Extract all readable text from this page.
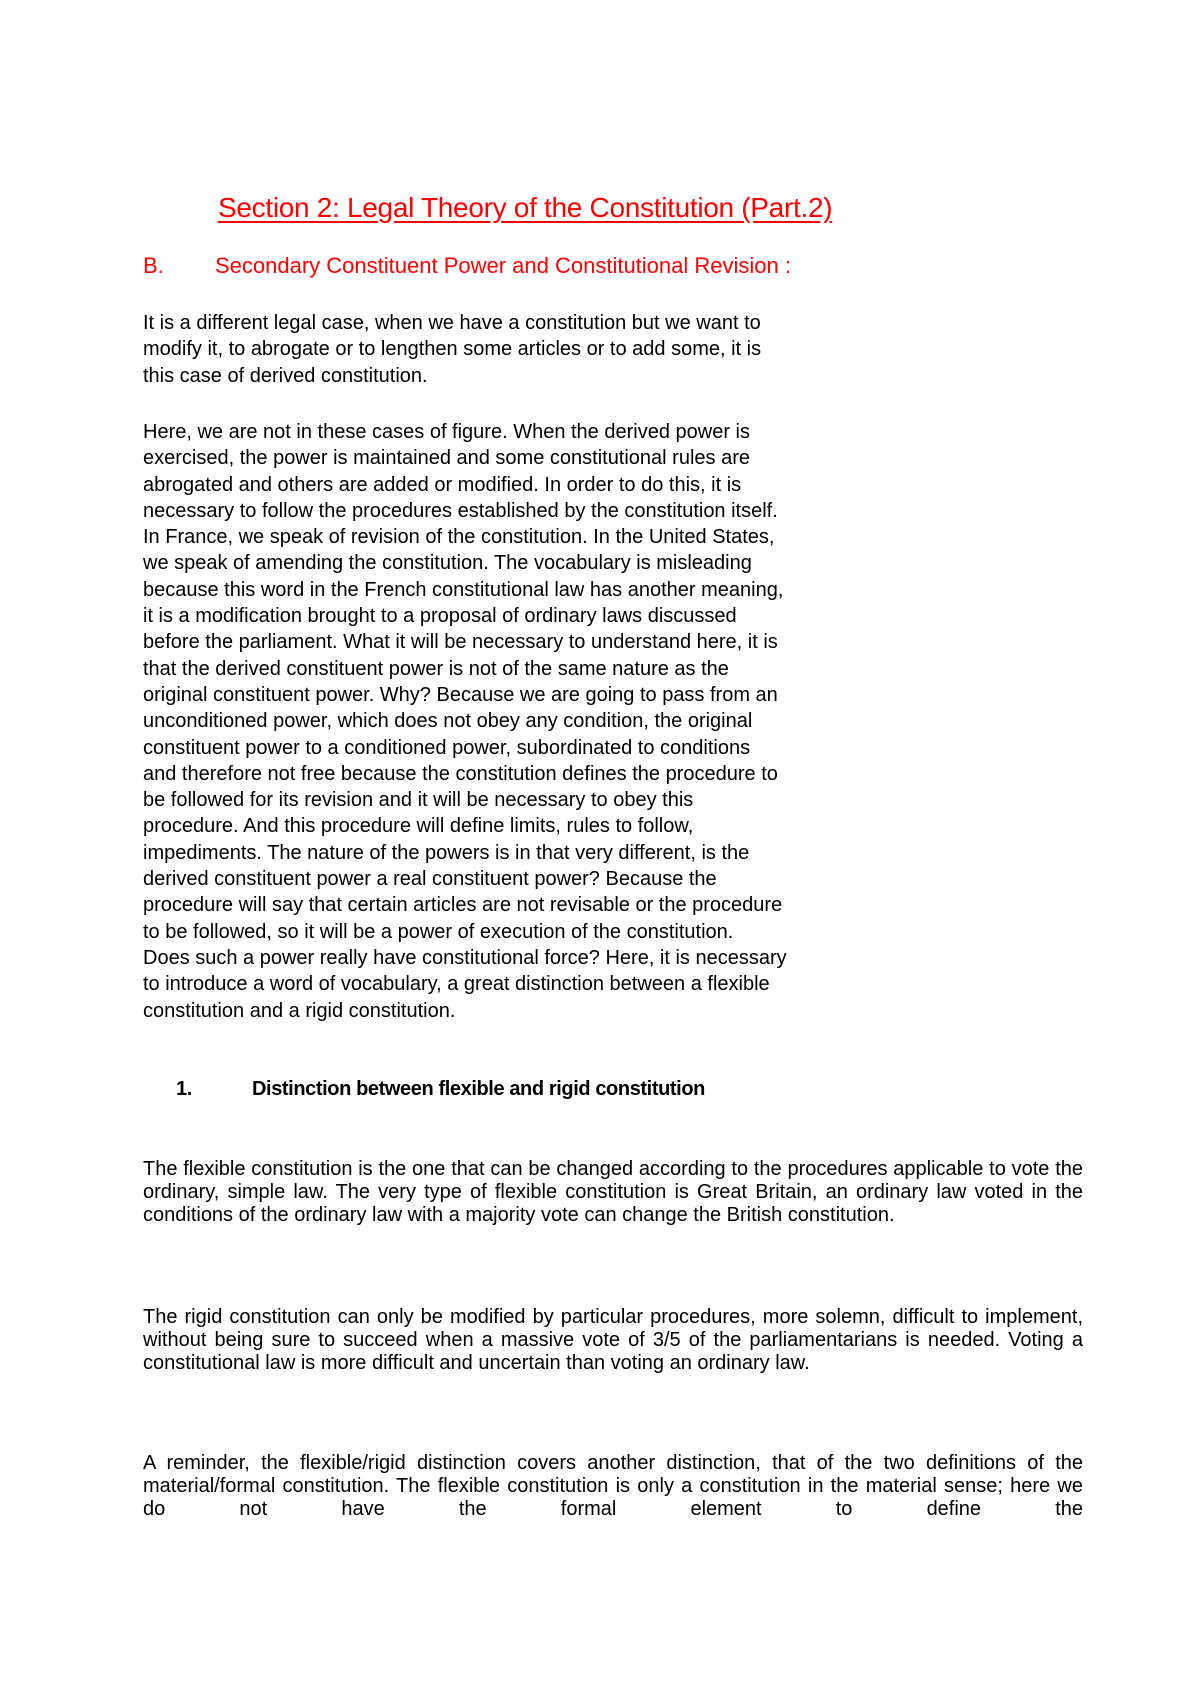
Section 2: Legal Theory of the Constitution (Part.2)
B. Secondary Constituent Power and Constitutional Revision :

It is a different legal case, when we have a constitution but we want to
modify it, to abrogate or to lengthen some articles or to add some, it is
this case of derived constitution.

Here, we are not in these cases of figure. When the derived power is
exercised, the power is maintained and some constitutional rules are
abrogated and others are added or modified. In order to do this, it is
necessary to follow the procedures established by the constitution itself.
In France, we speak of revision of the constitution. In the United States,
we speak of amending the constitution. The vocabulary is misleading
because this word in the French constitutional law has another meaning,
it is a modification brought to a proposal of ordinary laws discussed
before the parliament. What it will be necessary to understand here, it is
that the derived constituent power is not of the same nature as the
original constituent power. Why? Because we are going to pass from an
unconditioned power, which does not obey any condition, the original
constituent power to a conditioned power, subordinated to conditions
and therefore not free because the constitution defines the procedure to
be followed for its revision and it will be necessary to obey this
procedure. And this procedure will define limits, rules to follow,
impediments. The nature of the powers is in that very different, is the
derived constituent power a real constituent power? Because the
procedure will say that certain articles are not revisable or the procedure
to be followed, so it will be a power of execution of the constitution.
Does such a power really have constitutional force? Here, it is necessary
to introduce a word of vocabulary, a great distinction between a flexible
constitution and a rigid constitution.

1.	Distinction between flexible and rigid constitution

The flexible constitution is the one that can be changed according to the procedures applicable to vote the ordinary, simple law. The very type of flexible constitution is Great Britain, an ordinary law voted in the conditions of the ordinary law with a majority vote can change the British constitution.

The rigid constitution can only be modified by particular procedures, more solemn, difficult to implement, without being sure to succeed when a massive vote of 3/5 of the parliamentarians is needed. Voting a constitutional law is more difficult and uncertain than voting an ordinary law.

A reminder, the flexible/rigid distinction covers another distinction, that of the two definitions of the material/formal constitution. The flexible constitution is only a constitution in the material sense; here we do not have the formal element to define the
